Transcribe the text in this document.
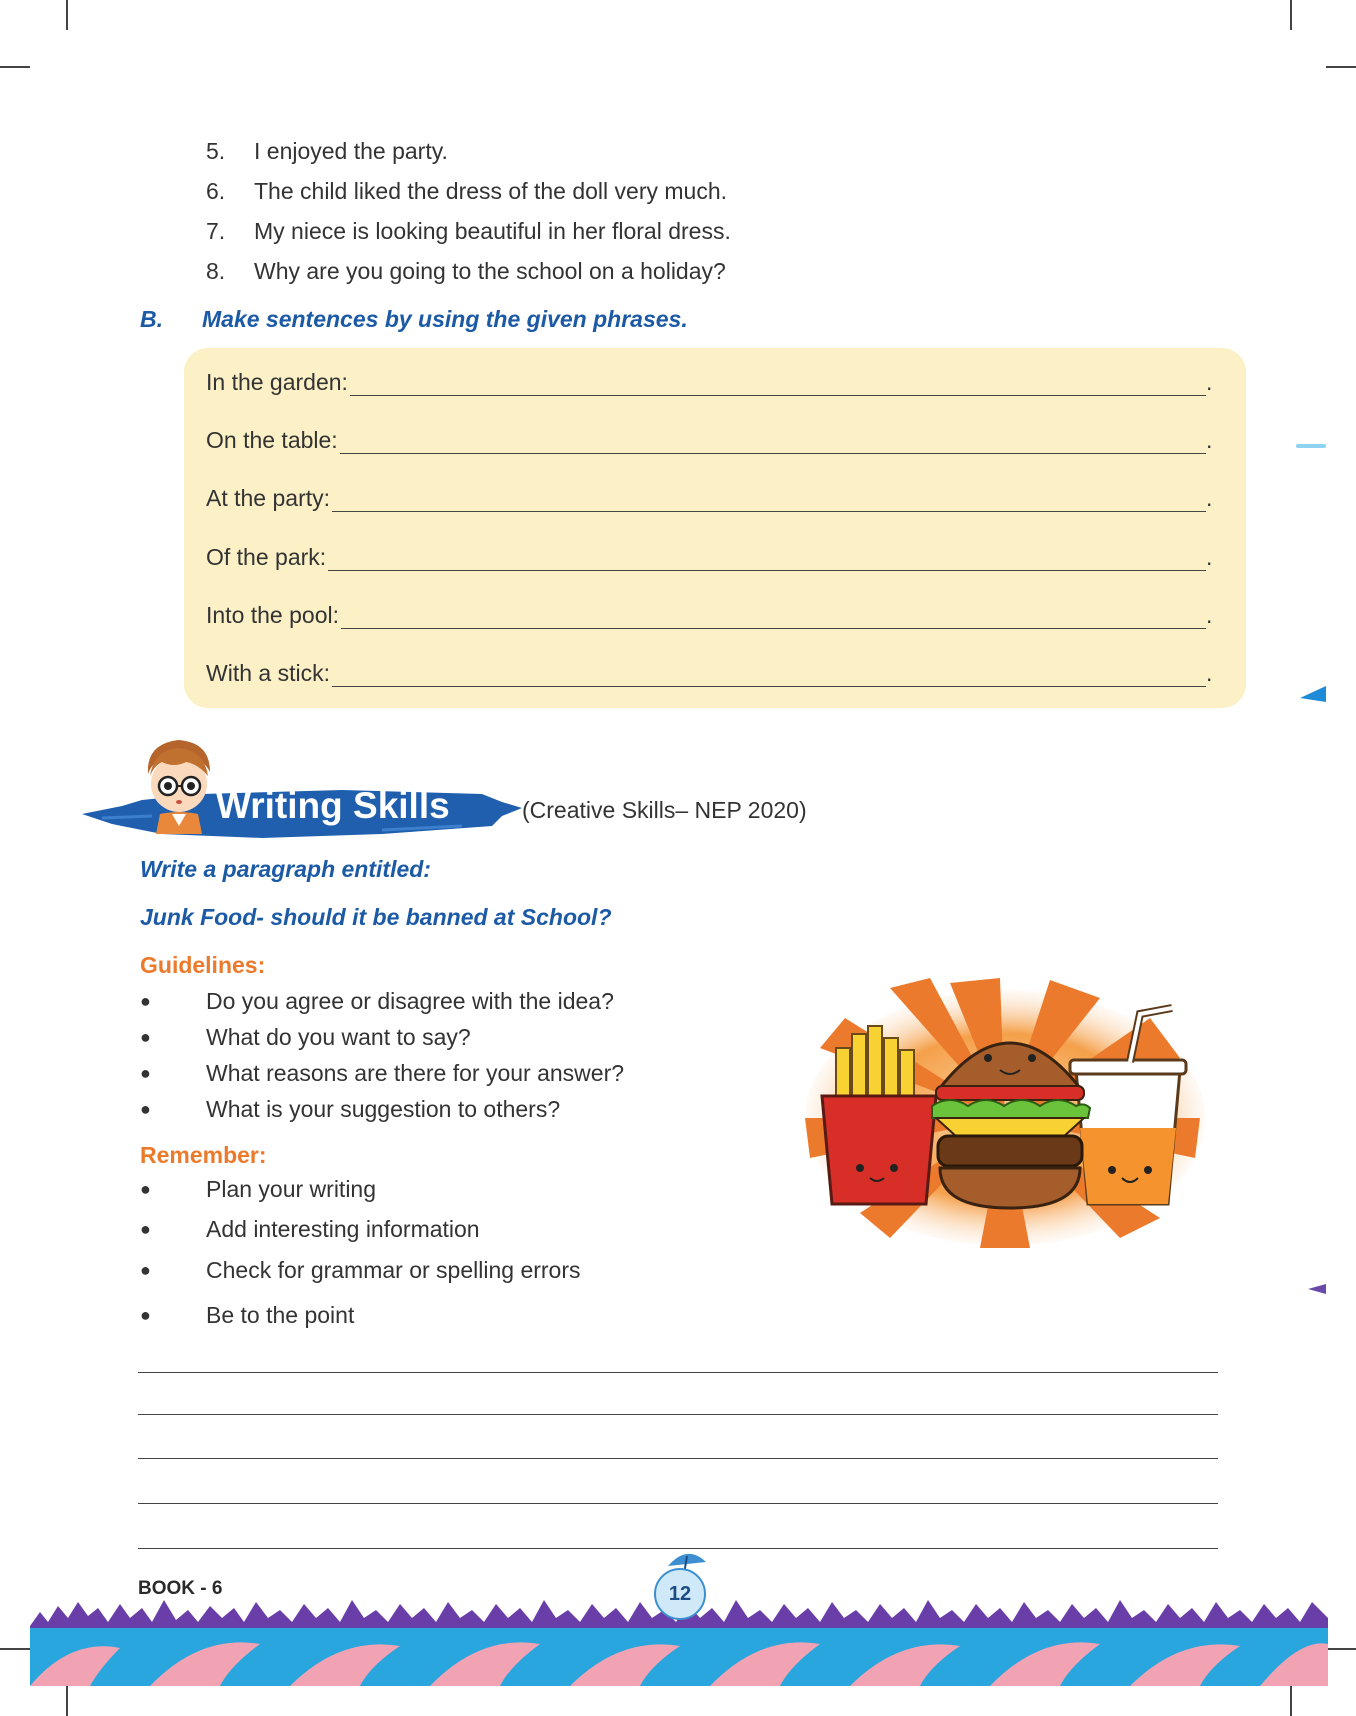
5. I enjoyed the party.
6. The child liked the dress of the doll very much.
7. My niece is looking beautiful in her floral dress.
8. Why are you going to the school on a holiday?
B. Make sentences by using the given phrases.
In the garden:	.
On the table:	.
At the party:	.
Of the park:	.
Into the pool:	.
With a stick:	.
Writing Skills	(Creative Skills– NEP 2020)
Write a paragraph entitled:
Junk Food- should it be banned at School?
Guidelines:
● Do you agree or disagree with the idea?
● What do you want to say?
● What reasons are there for your answer?
● What is your suggestion to others?
Remember:
● Plan your writing
● Add interesting information
● Check for grammar or spelling errors
● Be to the point
BOOK - 6	12
